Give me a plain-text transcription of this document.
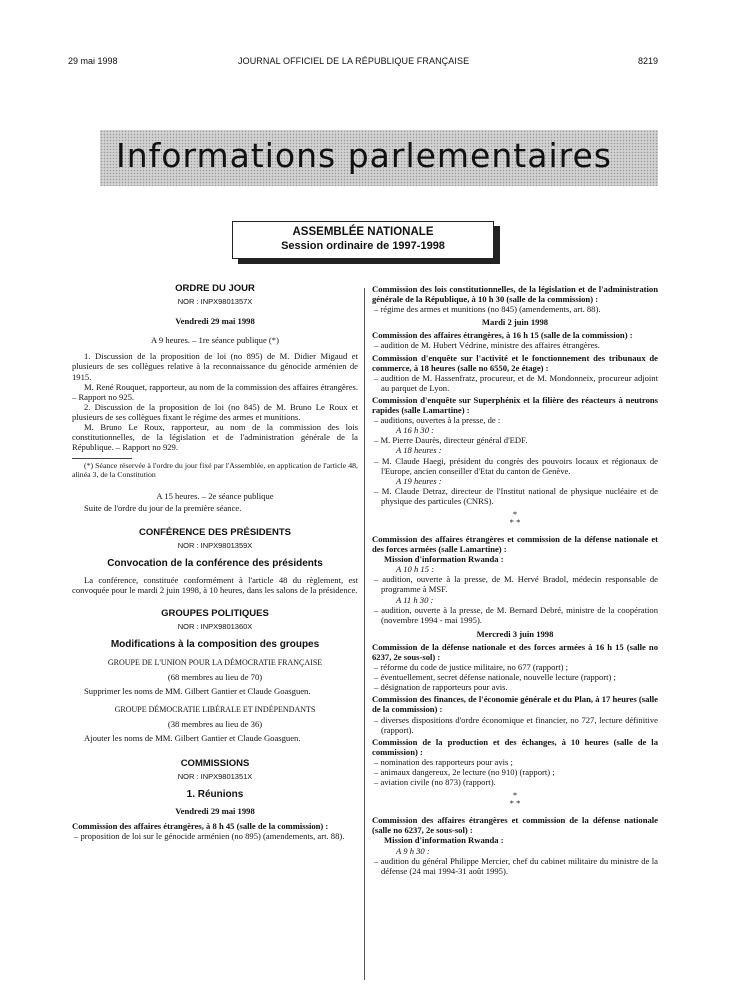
29 mai 1998	JOURNAL OFFICIEL DE LA RÉPUBLIQUE FRANÇAISE	8219
Informations parlementaires
ASSEMBLÉE NATIONALE
Session ordinaire de 1997-1998
ORDRE DU JOUR
NOR : INPX9801357X
Vendredi 29 mai 1998
A 9 heures. – 1re séance publique (*)
1. Discussion de la proposition de loi (no 895) de M. Didier Migaud et plusieurs de ses collègues relative à la reconnaissance du génocide arménien de 1915.
M. René Rouquet, rapporteur, au nom de la commission des affaires étrangères. – Rapport no 925.
2. Discussion de la proposition de loi (no 845) de M. Bruno Le Roux et plusieurs de ses collègues fixant le régime des armes et munitions.
M. Bruno Le Roux, rapporteur, au nom de la commission des lois constitutionnelles, de la législation et de l'administration générale de la République. – Rapport no 929.
(*) Séance réservée à l'ordre du jour fixé par l'Assemblée, en application de l'article 48, alinéa 3, de la Constitution
A 15 heures. – 2e séance publique
Suite de l'ordre du jour de la première séance.
CONFÉRENCE DES PRÉSIDENTS
NOR : INPX9801359X
Convocation de la conférence des présidents
La conférence, constituée conformément à l'article 48 du règlement, est convoquée pour le mardi 2 juin 1998, à 10 heures, dans les salons de la présidence.
GROUPES POLITIQUES
NOR : INPX9801360X
Modifications à la composition des groupes
GROUPE DE L'UNION POUR LA DÉMOCRATIE FRANÇAISE
(68 membres au lieu de 70)
Supprimer les noms de MM. Gilbert Gantier et Claude Goasguen.
GROUPE DÉMOCRATIE LIBÉRALE ET INDÉPENDANTS
(38 membres au lieu de 36)
Ajouter les noms de MM. Gilbert Gantier et Claude Goasguen.
COMMISSIONS
NOR : INPX9801351X
1. Réunions
Vendredi 29 mai 1998
Commission des affaires étrangères, à 8 h 45 (salle de la commission) :
– proposition de loi sur le génocide arménien (no 895) (amendements, art. 88).
Commission des lois constitutionnelles, de la législation et de l'administration générale de la République, à 10 h 30 (salle de la commission) :
– régime des armes et munitions (no 845) (amendements, art. 88).
Mardi 2 juin 1998
Commission des affaires étrangères, à 16 h 15 (salle de la commission) :
– audition de M. Hubert Védrine, ministre des affaires étrangères.
Commission d'enquête sur l'activité et le fonctionnement des tribunaux de commerce, à 18 heures (salle no 6550, 2e étage) :
– audition de M. Hassenfratz, procureur, et de M. Mondonneix, procureur adjoint au parquet de Lyon.
Commission d'enquête sur Superphénix et la filière des réacteurs à neutrons rapides (salle Lamartine) :
– auditions, ouvertes à la presse, de :
A 16 h 30 :
– M. Pierre Daurès, directeur général d'EDF.
A 18 heures :
– M. Claude Haegi, président du congrès des pouvoirs locaux et régionaux de l'Europe, ancien conseiller d'Etat du canton de Genève.
A 19 heures :
– M. Claude Detraz, directeur de l'Institut national de physique nucléaire et de physique des particules (CNRS).
*
* *
Commission des affaires étrangères et commission de la défense nationale et des forces armées (salle Lamartine) :
Mission d'information Rwanda :
A 10 h 15 :
– audition, ouverte à la presse, de M. Hervé Bradol, médecin responsable de programme à MSF.
A 11 h 30 :
– audition, ouverte à la presse, de M. Bernard Debré, ministre de la coopération (novembre 1994 - mai 1995).
Mercredi 3 juin 1998
Commission de la défense nationale et des forces armées à 16 h 15 (salle no 6237, 2e sous-sol) :
– réforme du code de justice militaire, no 677 (rapport) ;
– éventuellement, secret défense nationale, nouvelle lecture (rapport) ;
– désignation de rapporteurs pour avis.
Commission des finances, de l'économie générale et du Plan, à 17 heures (salle de la commission) :
– diverses dispositions d'ordre économique et financier, no 727, lecture définitive (rapport).
Commission de la production et des échanges, à 10 heures (salle de la commission) :
– nomination des rapporteurs pour avis ;
– animaux dangereux, 2e lecture (no 910) (rapport) ;
– aviation civile (no 873) (rapport).
*
* *
Commission des affaires étrangères et commission de la défense nationale (salle no 6237, 2e sous-sol) :
Mission d'information Rwanda :
A 9 h 30 :
– audition du général Philippe Mercier, chef du cabinet militaire du ministre de la défense (24 mai 1994-31 août 1995).
